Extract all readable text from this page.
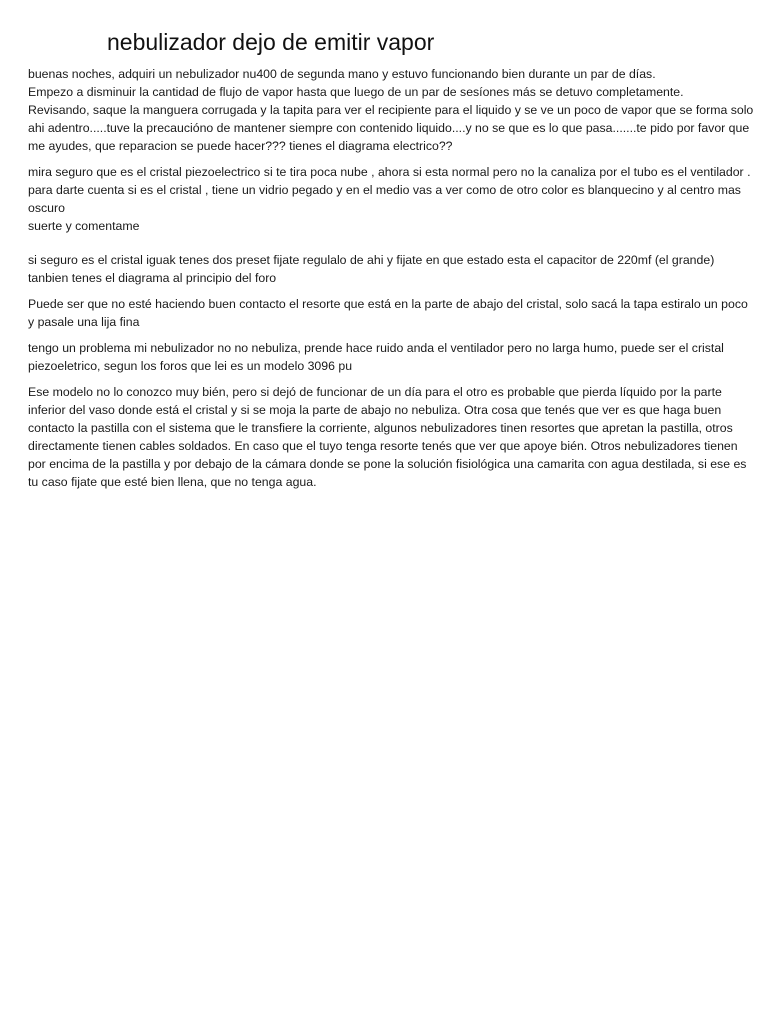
nebulizador dejo de emitir vapor

buenas noches, adquiri un nebulizador nu400 de segunda mano y estuvo funcionando bien durante un par de días.
Empezo a disminuir la cantidad de flujo de vapor hasta que luego de un par de sesíones más se detuvo completamente.
Revisando, saque la manguera corrugada y la tapita para ver el recipiente para el liquido y se ve un poco de vapor que se forma solo ahi adentro.....tuve la precauciónо de mantener siempre con contenido liquido....y no se que es lo que pasa.......te pido por favor que me ayudes, que reparacion se puede hacer??? tienes el diagrama electrico??

mira seguro que es el cristal piezoelectrico si te tira poca nube , ahora si esta normal pero no la canaliza por el tubo es el ventilador . para darte cuenta si es el cristal , tiene un vidrio pegado y en el medio vas a ver como de otro color es blanquecino y al centro mas oscuro
suerte y comentame

si seguro es el cristal iguak tenes dos preset fijate regulalo de ahi y fijate en que estado esta el capacitor de 220mf (el grande) tanbien tenes el diagrama al principio del foro

Puede ser que no esté haciendo buen contacto el resorte que está en la parte de abajo del cristal, solo sacá la tapa estiralo un poco y pasale una lija fina

tengo un problema mi nebulizador no no nebuliza, prende hace ruido anda el ventilador pero no larga humo, puede ser el cristal piezoeletrico, segun los foros que lei es un modelo 3096 pu

Ese modelo no lo conozco muy bién, pero si dejó de funcionar de un día para el otro es probable que pierda líquido por la parte inferior del vaso donde está el cristal y si se moja la parte de abajo no nebuliza. Otra cosa que tenés que ver es que haga buen contacto la pastilla con el sistema que le transfiere la corriente, algunos nebulizadores tinen resortes que apretan la pastilla, otros directamente tienen cables soldados. En caso que el tuyo tenga resorte tenés que ver que apoye bién. Otros nebulizadores tienen por encima de la pastilla y por debajo de la cámara donde se pone la solución fisiológica una camarita con agua destilada, si ese es tu caso fijate que esté bien llena, que no tenga agua.
